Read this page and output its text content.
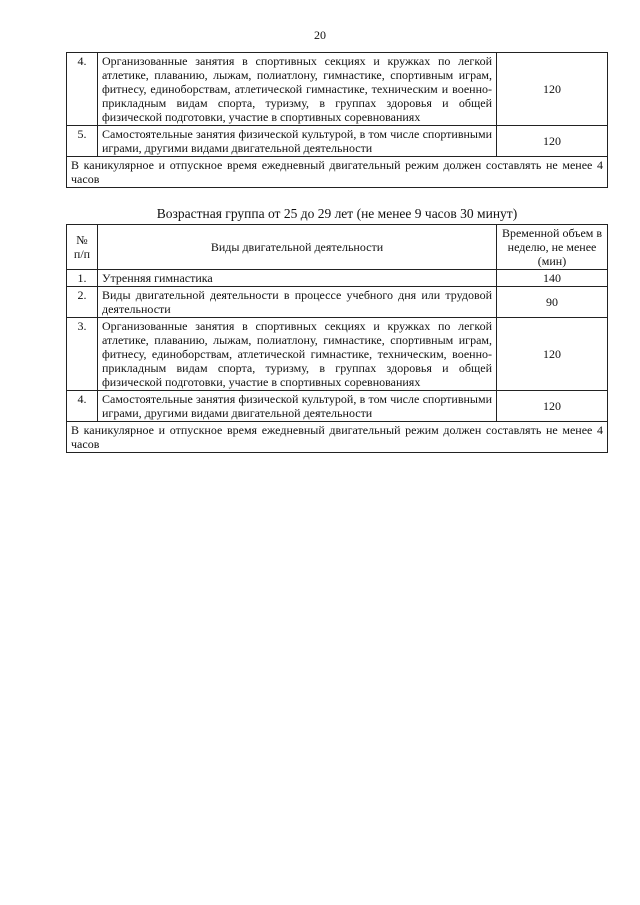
20
4.	Организованные занятия в спортивных секциях и кружках по легкой атлетике, плаванию, лыжам, полиатлону, гимнастике, спортивным играм, фитнесу, единоборствам, атлетической гимнастике, техническим и военно-прикладным видам спорта, туризму, в группах здоровья и общей физической подготовки, участие в спортивных соревнованиях	120
5.	Самостоятельные занятия физической культурой, в том числе спортивными играми, другими видами двигательной деятельности	120
В каникулярное и отпускное время ежедневный двигательный режим должен составлять не менее 4 часов		
Возрастная группа от 25 до 29 лет (не менее 9 часов 30 минут)
№ п/п	Виды двигательной деятельности	Временной объем в неделю, не менее (мин)
1.	Утренняя гимнастика	140
2.	Виды двигательной деятельности в процессе учебного дня или трудовой деятельности	90
3.	Организованные занятия в спортивных секциях и кружках по легкой атлетике, плаванию, лыжам, полиатлону, гимнастике, спортивным играм, фитнесу, единоборствам, атлетической гимнастике, техническим, военно-прикладным видам спорта, туризму, в группах здоровья и общей физической подготовки, участие в спортивных соревнованиях	120
4.	Самостоятельные занятия физической культурой, в том числе спортивными играми, другими видами двигательной деятельности	120
В каникулярное и отпускное время ежедневный двигательный режим должен составлять не менее 4 часов		
